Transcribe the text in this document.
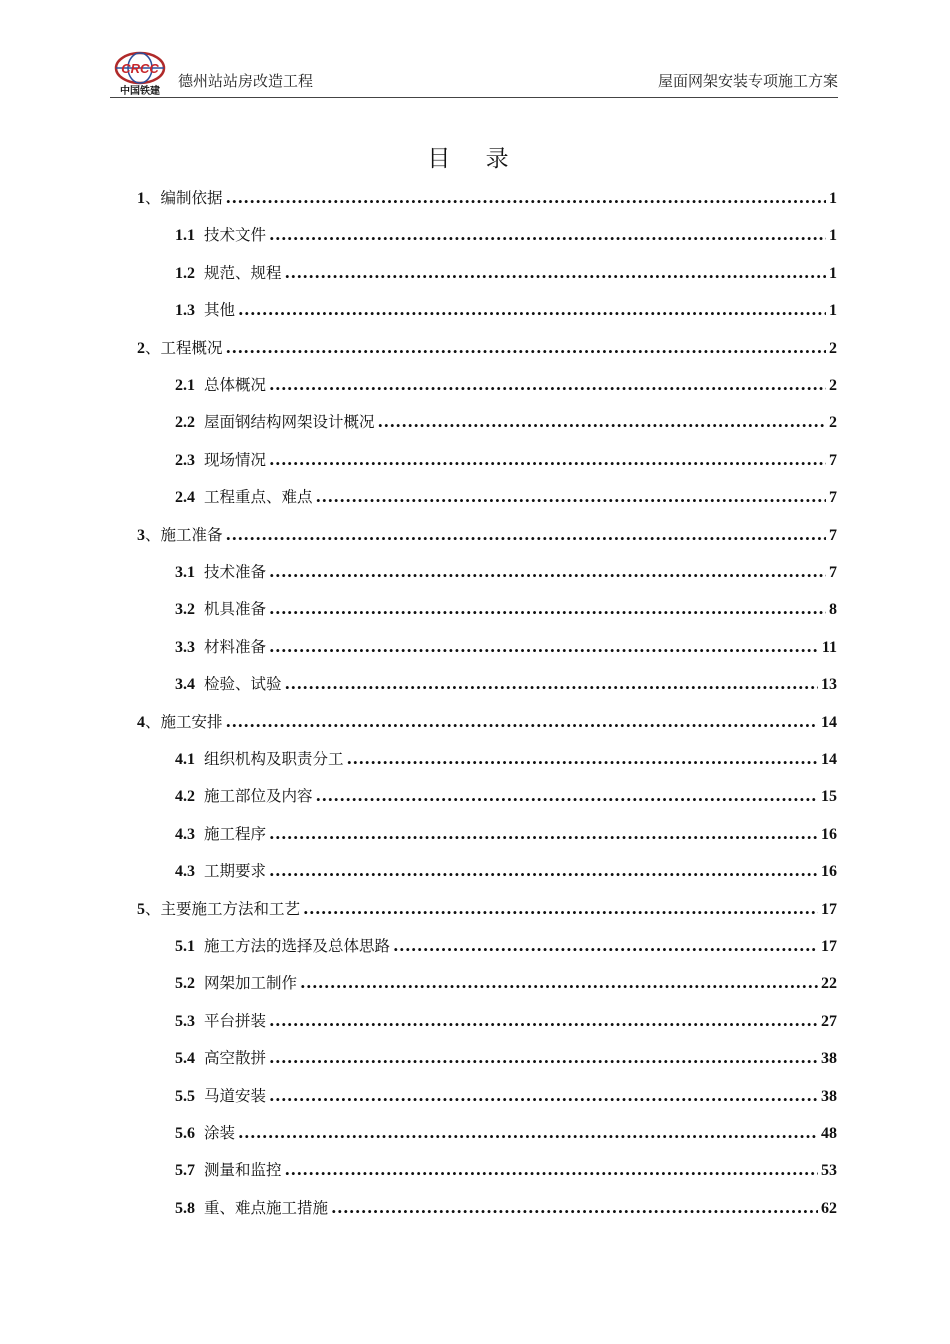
CRCC
中国铁建
德州站站房改造工程	屋面网架安装专项施工方案
目 录
1 、编制依据 .....	1
1.1 技术文件 .....	1
1.2 规范、规程 .....	1
1.3 其他 .....	1
2 、工程概况 .....	2
2.1 总体概况 .....	2
2.2 屋面钢结构网架设计概况 .....	2
2.3 现场情况 .....	7
2.4 工程重点、难点 .....	7
3 、施工准备 .....	7
3.1 技术准备 .....	7
3.2 机具准备 .....	8
3.3 材料准备 .....	11
3.4 检验、试验 .....	13
4 、施工安排 .....	14
4.1 组织机构及职责分工 .....	14
4.2 施工部位及内容 .....	15
4.3 施工程序 .....	16
4.3 工期要求 .....	16
5 、主要施工方法和工艺 .....	17
5.1 施工方法的选择及总体思路 .....	17
5.2 网架加工制作 .....	22
5.3 平台拼装 .....	27
5.4 高空散拼 .....	38
5.5 马道安装 .....	38
5.6 涂装 .....	48
5.7 测量和监控 .....	53
5.8 重、难点施工措施 .....	62
